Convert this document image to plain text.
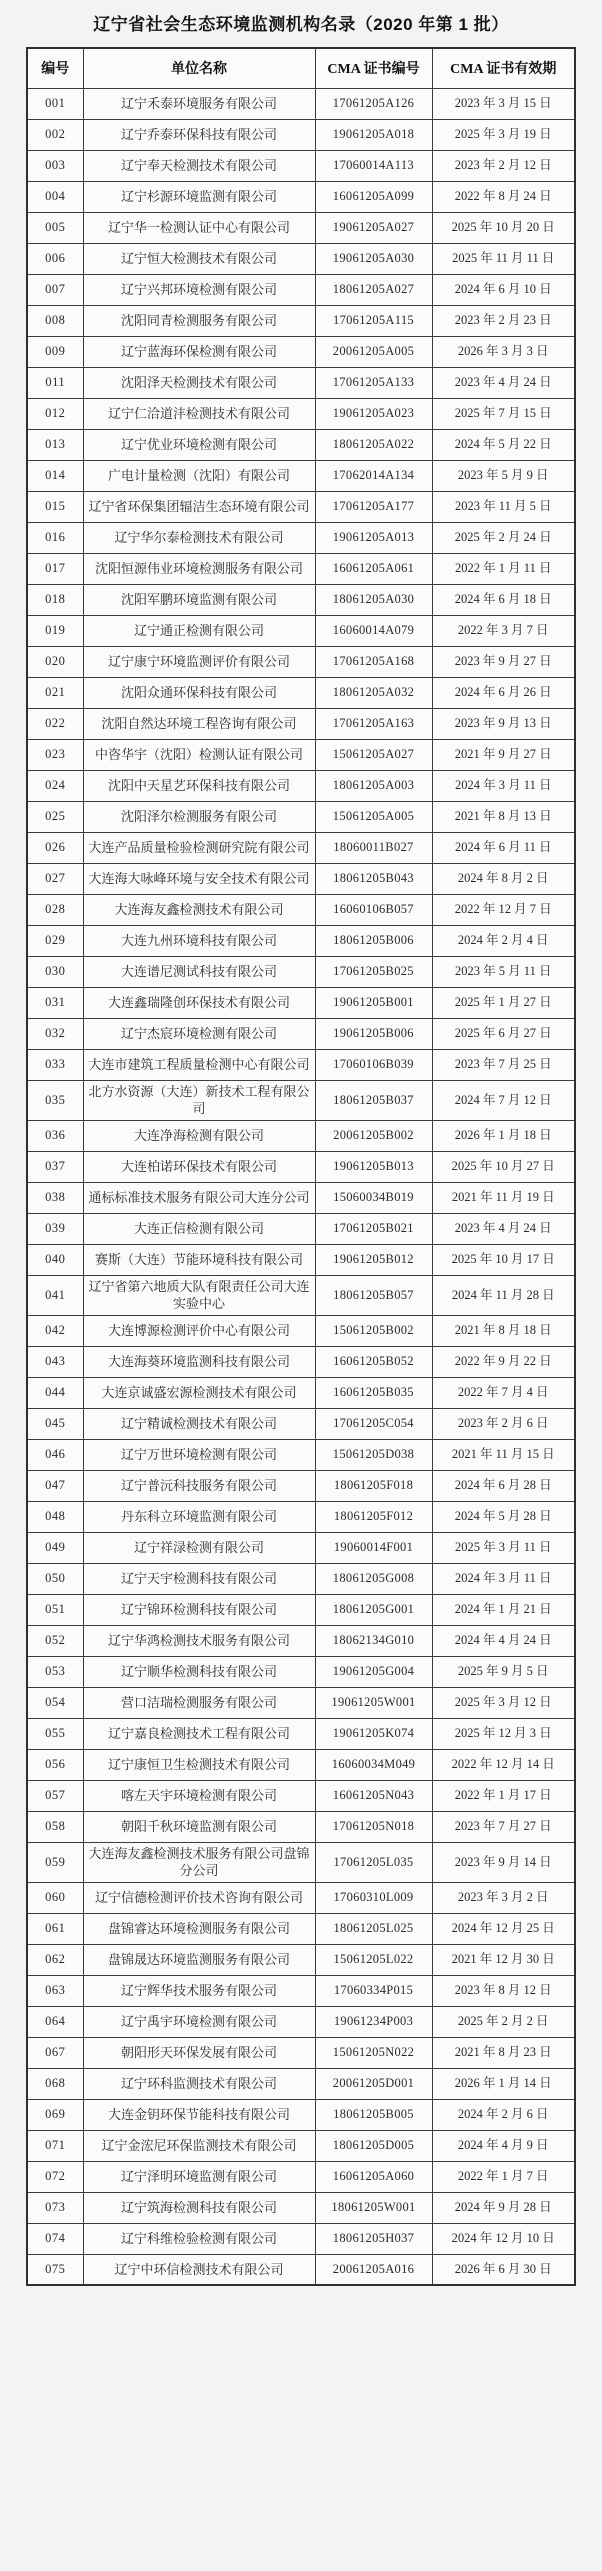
辽宁省社会生态环境监测机构名录（2020 年第 1 批）
编号	单位名称	CMA 证书编号	CMA 证书有效期
001	辽宁禾泰环境服务有限公司	17061205A126	2023 年 3 月 15 日
002	辽宁乔泰环保科技有限公司	19061205A018	2025 年 3 月 19 日
003	辽宁奉天检测技术有限公司	17060014A113	2023 年 2 月 12 日
004	辽宁杉源环境监测有限公司	16061205A099	2022 年 8 月 24 日
005	辽宁华一检测认证中心有限公司	19061205A027	2025 年 10 月 20 日
006	辽宁恒大检测技术有限公司	19061205A030	2025 年 11 月 11 日
007	辽宁兴邦环境检测有限公司	18061205A027	2024 年 6 月 10 日
008	沈阳同青检测服务有限公司	17061205A115	2023 年 2 月 23 日
009	辽宁蓝海环保检测有限公司	20061205A005	2026 年 3 月 3 日
011	沈阳泽天检测技术有限公司	17061205A133	2023 年 4 月 24 日
012	辽宁仁洽道沣检测技术有限公司	19061205A023	2025 年 7 月 15 日
013	辽宁优业环境检测有限公司	18061205A022	2024 年 5 月 22 日
014	广电计量检测（沈阳）有限公司	17062014A134	2023 年 5 月 9 日
015	辽宁省环保集团辐洁生态环境有限公司	17061205A177	2023 年 11 月 5 日
016	辽宁华尔泰检测技术有限公司	19061205A013	2025 年 2 月 24 日
017	沈阳恒源伟业环境检测服务有限公司	16061205A061	2022 年 1 月 11 日
018	沈阳军鹏环境监测有限公司	18061205A030	2024 年 6 月 18 日
019	辽宁通正检测有限公司	16060014A079	2022 年 3 月 7 日
020	辽宁康宁环境监测评价有限公司	17061205A168	2023 年 9 月 27 日
021	沈阳众通环保科技有限公司	18061205A032	2024 年 6 月 26 日
022	沈阳自然达环境工程咨询有限公司	17061205A163	2023 年 9 月 13 日
023	中咨华宇（沈阳）检测认证有限公司	15061205A027	2021 年 9 月 27 日
024	沈阳中天星艺环保科技有限公司	18061205A003	2024 年 3 月 11 日
025	沈阳泽尔检测服务有限公司	15061205A005	2021 年 8 月 13 日
026	大连产品质量检验检测研究院有限公司	18060011B027	2024 年 6 月 11 日
027	大连海大咏峰环境与安全技术有限公司	18061205B043	2024 年 8 月 2 日
028	大连海友鑫检测技术有限公司	16060106B057	2022 年 12 月 7 日
029	大连九州环境科技有限公司	18061205B006	2024 年 2 月 4 日
030	大连谱尼测试科技有限公司	17061205B025	2023 年 5 月 11 日
031	大连鑫瑞隆创环保技术有限公司	19061205B001	2025 年 1 月 27 日
032	辽宁杰宸环境检测有限公司	19061205B006	2025 年 6 月 27 日
033	大连市建筑工程质量检测中心有限公司	17060106B039	2023 年 7 月 25 日
035	北方水资源（大连）新技术工程有限公司	18061205B037	2024 年 7 月 12 日
036	大连净海检测有限公司	20061205B002	2026 年 1 月 18 日
037	大连柏诺环保技术有限公司	19061205B013	2025 年 10 月 27 日
038	通标标准技术服务有限公司大连分公司	15060034B019	2021 年 11 月 19 日
039	大连正信检测有限公司	17061205B021	2023 年 4 月 24 日
040	赛斯（大连）节能环境科技有限公司	19061205B012	2025 年 10 月 17 日
041	辽宁省第六地质大队有限责任公司大连实验中心	18061205B057	2024 年 11 月 28 日
042	大连博源检测评价中心有限公司	15061205B002	2021 年 8 月 18 日
043	大连海葵环境监测科技有限公司	16061205B052	2022 年 9 月 22 日
044	大连京诚盛宏源检测技术有限公司	16061205B035	2022 年 7 月 4 日
045	辽宁精诚检测技术有限公司	17061205C054	2023 年 2 月 6 日
046	辽宁万世环境检测有限公司	15061205D038	2021 年 11 月 15 日
047	辽宁普沅科技服务有限公司	18061205F018	2024 年 6 月 28 日
048	丹东科立环境监测有限公司	18061205F012	2024 年 5 月 28 日
049	辽宁祥渌检测有限公司	19060014F001	2025 年 3 月 11 日
050	辽宁天宇检测科技有限公司	18061205G008	2024 年 3 月 11 日
051	辽宁锦环检测科技有限公司	18061205G001	2024 年 1 月 21 日
052	辽宁华鸿检测技术服务有限公司	18062134G010	2024 年 4 月 24 日
053	辽宁顺华检测科技有限公司	19061205G004	2025 年 9 月 5 日
054	营口洁瑞检测服务有限公司	19061205W001	2025 年 3 月 12 日
055	辽宁嘉良检测技术工程有限公司	19061205K074	2025 年 12 月 3 日
056	辽宁康恒卫生检测技术有限公司	16060034M049	2022 年 12 月 14 日
057	喀左天宇环境检测有限公司	16061205N043	2022 年 1 月 17 日
058	朝阳千秋环境监测有限公司	17061205N018	2023 年 7 月 27 日
059	大连海友鑫检测技术服务有限公司盘锦分公司	17061205L035	2023 年 9 月 14 日
060	辽宁信德检测评价技术咨询有限公司	17060310L009	2023 年 3 月 2 日
061	盘锦睿达环境检测服务有限公司	18061205L025	2024 年 12 月 25 日
062	盘锦晟达环境监测服务有限公司	15061205L022	2021 年 12 月 30 日
063	辽宁辉华技术服务有限公司	17060334P015	2023 年 8 月 12 日
064	辽宁禹宇环境检测有限公司	19061234P003	2025 年 2 月 2 日
067	朝阳形天环保发展有限公司	15061205N022	2021 年 8 月 23 日
068	辽宁环科监测技术有限公司	20061205D001	2026 年 1 月 14 日
069	大连金钥环保节能科技有限公司	18061205B005	2024 年 2 月 6 日
071	辽宁金浤尼环保监测技术有限公司	18061205D005	2024 年 4 月 9 日
072	辽宁泽明环境监测有限公司	16061205A060	2022 年 1 月 7 日
073	辽宁筑海检测科技有限公司	18061205W001	2024 年 9 月 28 日
074	辽宁科维检验检测有限公司	18061205H037	2024 年 12 月 10 日
075	辽宁中环信检测技术有限公司	20061205A016	2026 年 6 月 30 日
